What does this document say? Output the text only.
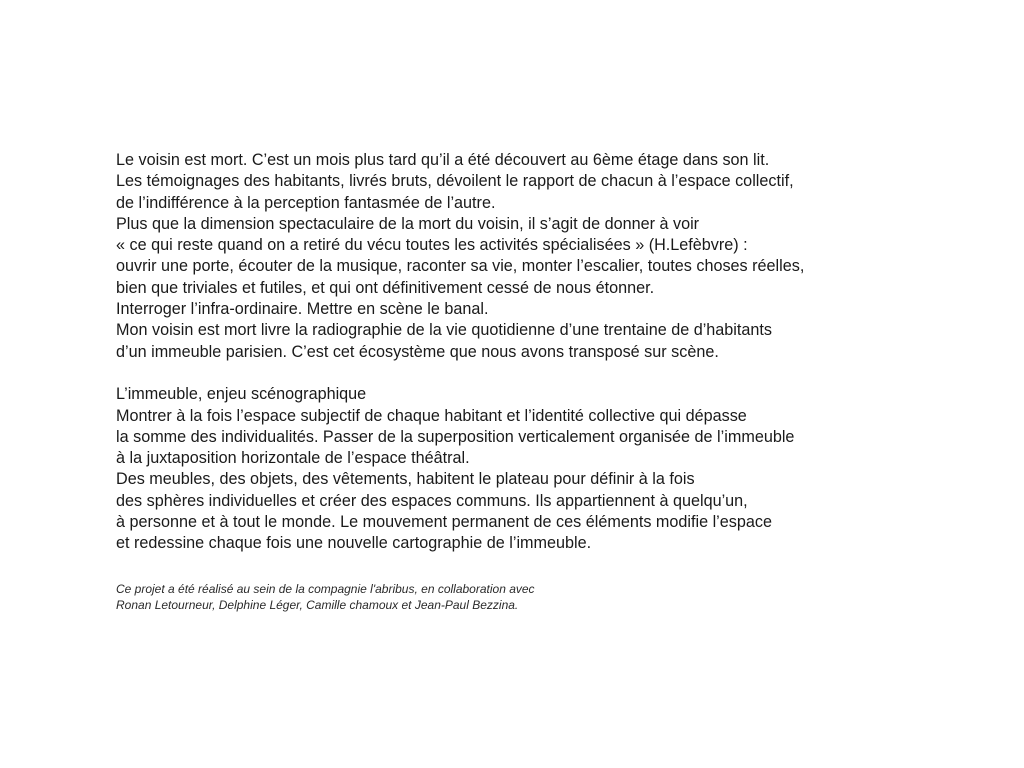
Le voisin est mort. C’est un mois plus tard qu’il a été découvert au 6ème étage dans son lit.
Les témoignages des habitants, livrés bruts, dévoilent le rapport de chacun à l’espace collectif,
de l’indifférence à la perception fantasmée de l’autre.
Plus que la dimension spectaculaire de la mort du voisin, il s’agit de donner à voir
« ce qui reste quand on a retiré du vécu toutes les activités spécialisées » (H.Lefèbvre) :
ouvrir une porte, écouter de la musique, raconter sa vie, monter l’escalier, toutes choses réelles,
bien que triviales et futiles, et qui ont définitivement cessé de nous étonner.
Interroger l’infra-ordinaire. Mettre en scène le banal.
Mon voisin est mort livre la radiographie de la vie quotidienne d’une trentaine de d’habitants
d’un immeuble parisien. C’est cet écosystème que nous avons transposé sur scène.
L’immeuble, enjeu scénographique
Montrer à la fois l’espace subjectif de chaque habitant et l’identité collective qui dépasse
la somme des individualités. Passer de la superposition verticalement organisée de l’immeuble
à la juxtaposition horizontale de l’espace théâtral.
Des meubles, des objets, des vêtements, habitent le plateau pour définir à la fois
des sphères individuelles et créer des espaces communs. Ils appartiennent à quelqu’un,
à personne et à tout le monde. Le mouvement permanent de ces éléments modifie l’espace
et redessine chaque fois une nouvelle cartographie de l’immeuble.
Ce projet a été réalisé au sein de la compagnie l'abribus, en collaboration avec
Ronan Letourneur, Delphine Léger, Camille chamoux et Jean-Paul Bezzina.
